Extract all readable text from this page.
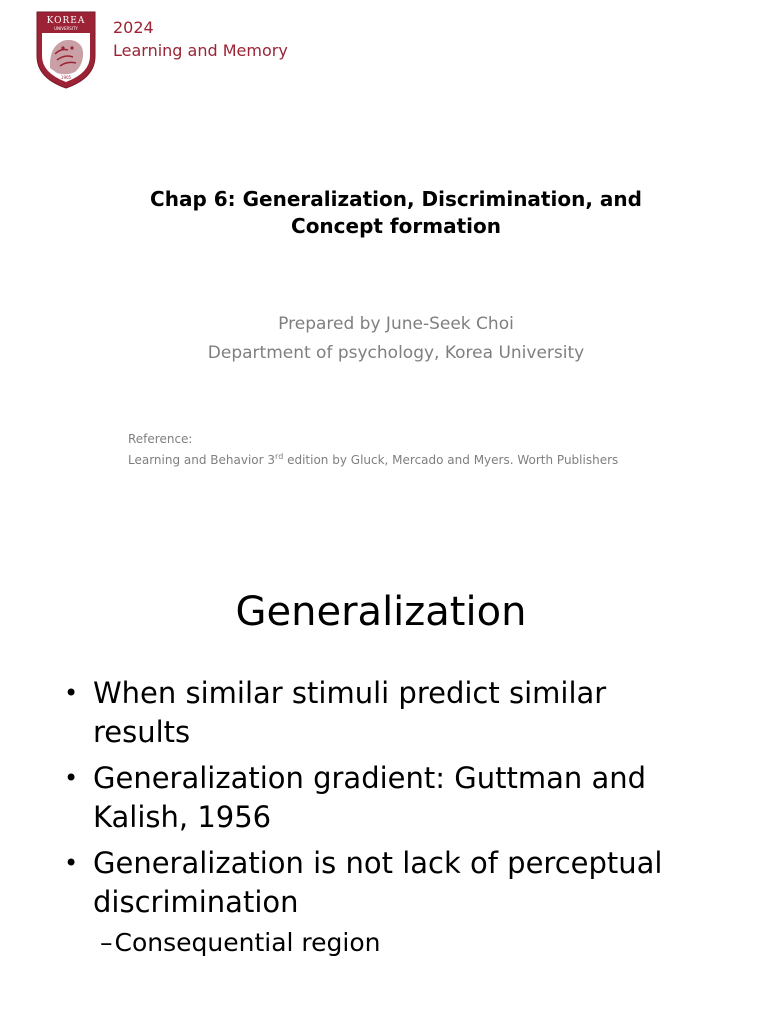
KOREA
UNIVERSITY
1905
2024
Learning and Memory
Chap 6: Generalization, Discrimination, and
Concept formation
Prepared by June-Seek Choi
Department of psychology, Korea University
Reference:
Learning and Behavior 3rd edition by Gluck, Mercado and Myers. Worth Publishers
Generalization
• When similar stimuli predict similar results
• Generalization gradient: Guttman and Kalish, 1956
• Generalization is not lack of perceptual discrimination
–Consequential region
